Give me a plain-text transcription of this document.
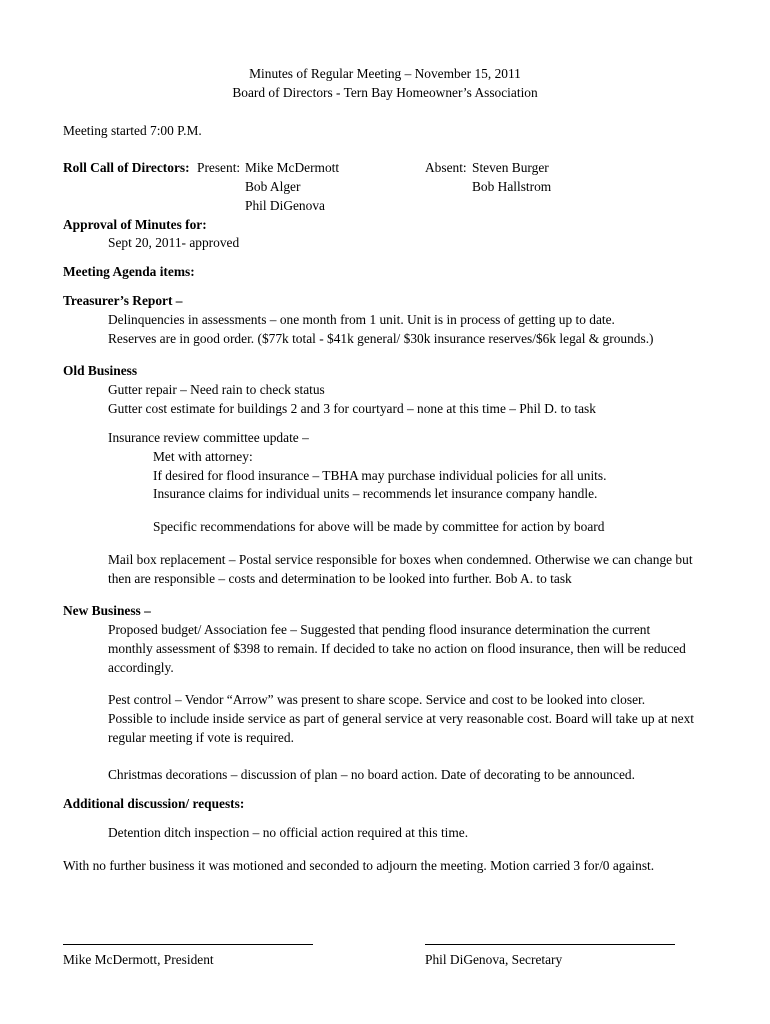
Minutes of Regular Meeting – November 15, 2011
Board of Directors - Tern Bay Homeowner’s Association
Meeting started 7:00 P.M.
Roll Call of Directors: Present: Mike McDermott
Bob Alger
Phil DiGenova
Absent: Steven Burger
Bob Hallstrom
Approval of Minutes for:
Sept 20, 2011- approved
Meeting Agenda items:
Treasurer’s Report –
Delinquencies in assessments – one month from 1 unit. Unit is in process of getting up to date.
Reserves are in good order. ($77k total - $41k general/ $30k insurance reserves/$6k legal & grounds.)
Old Business
Gutter repair – Need rain to check status
Gutter cost estimate for buildings 2 and 3 for courtyard – none at this time – Phil D. to task
Insurance review committee update –
Met with attorney:
If desired for flood insurance – TBHA may purchase individual policies for all units.
Insurance claims for individual units – recommends let insurance company handle.
Specific recommendations for above will be made by committee for action by board
Mail box replacement – Postal service responsible for boxes when condemned. Otherwise we can change but
then are responsible – costs and determination to be looked into further. Bob A. to task
New Business –
Proposed budget/ Association fee – Suggested that pending flood insurance determination the current
monthly assessment of $398 to remain. If decided to take no action on flood insurance, then will be reduced
accordingly.
Pest control – Vendor “Arrow” was present to share scope. Service and cost to be looked into closer.
Possible to include inside service as part of general service at very reasonable cost. Board will take up at next
regular meeting if vote is required.
Christmas decorations – discussion of plan – no board action. Date of decorating to be announced.
Additional discussion/ requests:
Detention ditch inspection – no official action required at this time.
With no further business it was motioned and seconded to adjourn the meeting. Motion carried 3 for/0 against.
Mike McDermott, President	Phil DiGenova, Secretary
